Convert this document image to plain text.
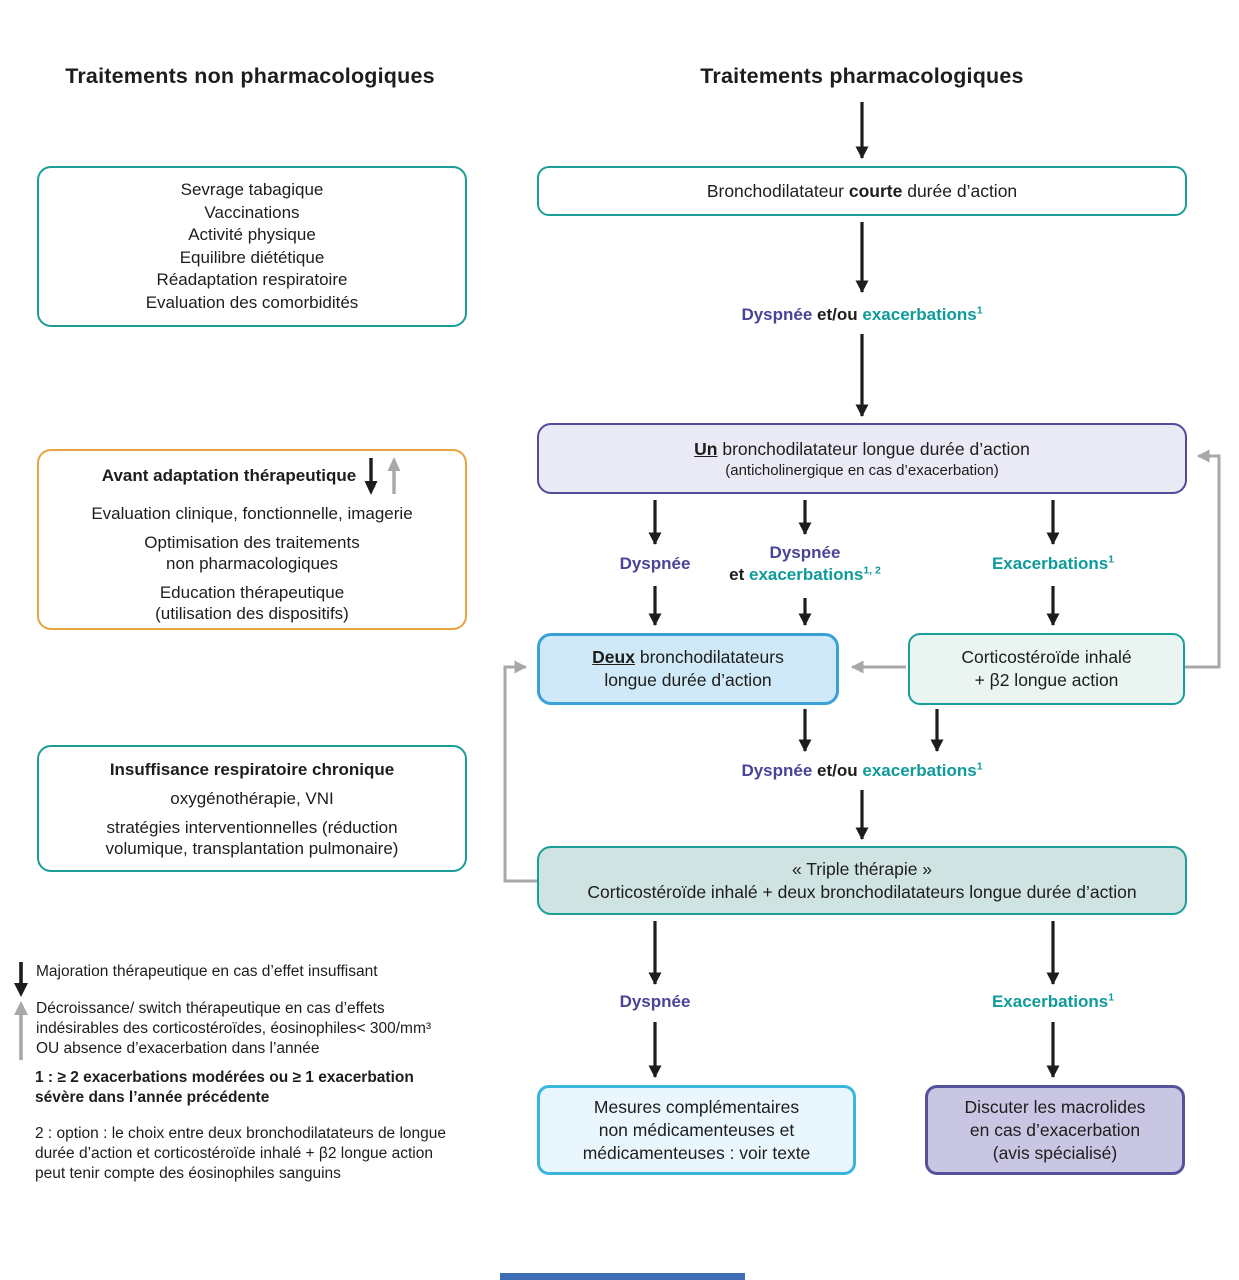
Traitements non pharmacologiques	Traitements pharmacologiques
Sevrage tabagique
Vaccinations
Activité physique
Equilibre diététique
Réadaptation respiratoire
Evaluation des comorbidités
Avant adaptation thérapeutique
Evaluation clinique, fonctionnelle, imagerie
Optimisation des traitements
non pharmacologiques
Education thérapeutique
(utilisation des dispositifs)
Insuffisance respiratoire chronique
oxygénothérapie, VNI
stratégies interventionnelles (réduction
volumique, transplantation pulmonaire)
Majoration thérapeutique en cas d’effet insuffisant
Décroissance/ switch thérapeutique en cas d’effets
indésirables des corticostéroïdes, éosinophiles< 300/mm³
OU absence d’exacerbation dans l’année
1 : ≥ 2 exacerbations modérées ou ≥ 1 exacerbation
sévère dans l’année précédente
2 : option : le choix entre deux bronchodilatateurs de longue
durée d’action et corticostéroïde inhalé + β2 longue action
peut tenir compte des éosinophiles sanguins
Bronchodilatateur courte durée d’action
Dyspnée et/ou exacerbations$^1$
Un bronchodilatateur longue durée d’action
(anticholinergique en cas d’exacerbation)
Dyspnée
Dyspnée
et exacerbations$^{1, 2}$	Exacerbations$^1$
Deux bronchodilatateurs
longue durée d’action
Corticostéroïde inhalé
+ β2 longue action
Dyspnée et/ou exacerbations$^1$
« Triple thérapie »
Corticostéroïde inhalé + deux bronchodilatateurs longue durée d’action
Dyspnée	Exacerbations$^1$
Mesures complémentaires
non médicamenteuses et
médicamenteuses : voir texte
Discuter les macrolides
en cas d’exacerbation
(avis spécialisé)
